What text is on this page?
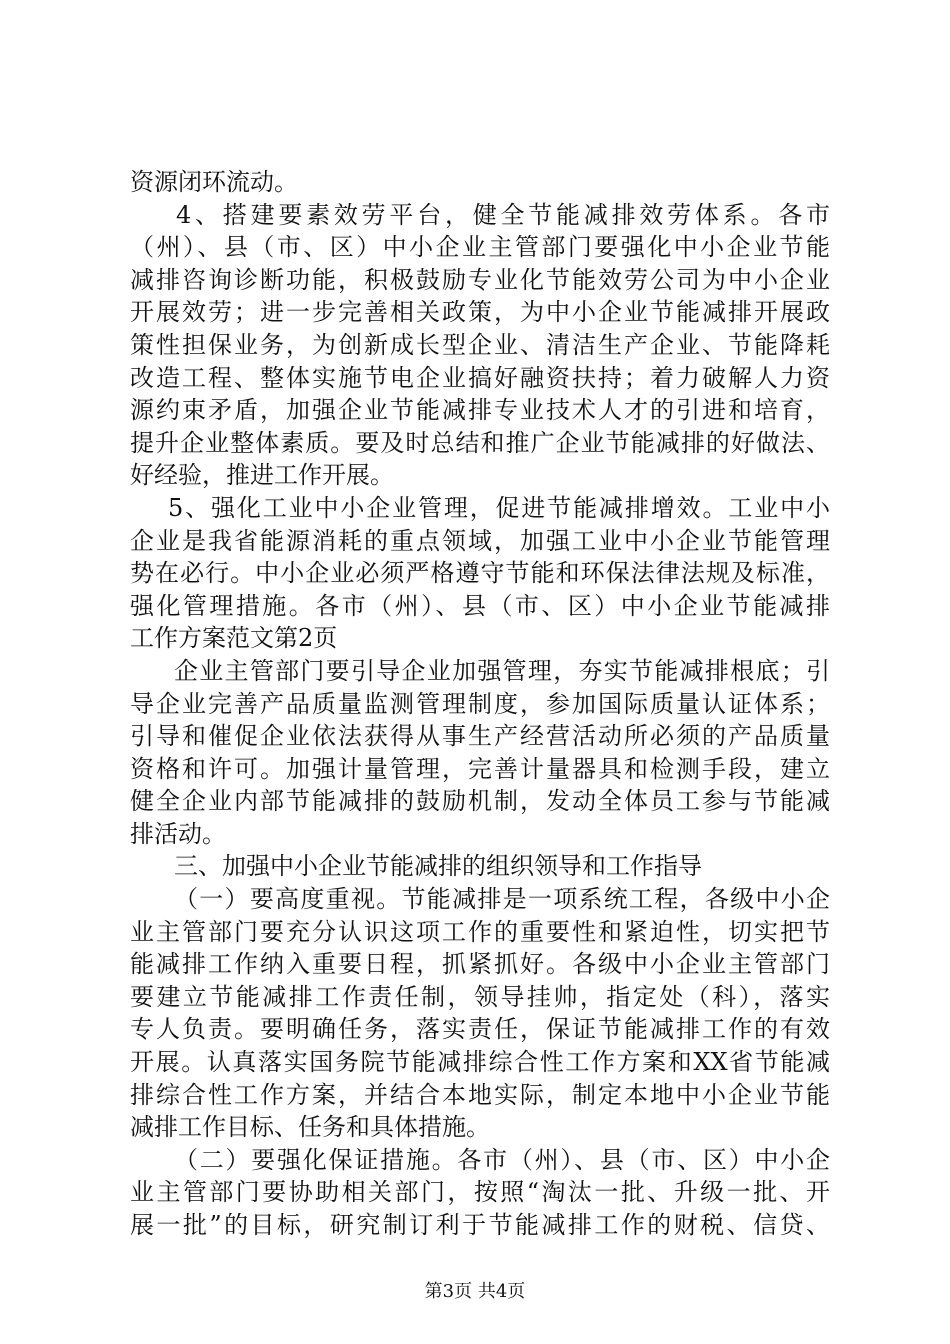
资源闭环流动。
4、搭建要素效劳平台，健全节能减排效劳体系。各市
（州）、县（市、区）中小企业主管部门要强化中小企业节能
减排咨询诊断功能，积极鼓励专业化节能效劳公司为中小企业
开展效劳；进一步完善相关政策，为中小企业节能减排开展政
策性担保业务，为创新成长型企业、清洁生产企业、节能降耗
改造工程、整体实施节电企业搞好融资扶持；着力破解人力资
源约束矛盾，加强企业节能减排专业技术人才的引进和培育，
提升企业整体素质。要及时总结和推广企业节能减排的好做法、
好经验，推进工作开展。
5、强化工业中小企业管理，促进节能减排增效。工业中小
企业是我省能源消耗的重点领域，加强工业中小企业节能管理
势在必行。中小企业必须严格遵守节能和环保法律法规及标准，
强化管理措施。各市（州）、县（市、区）中小企业节能减排
工作方案范文第2页
企业主管部门要引导企业加强管理，夯实节能减排根底；引
导企业完善产品质量监测管理制度，参加国际质量认证体系；
引导和催促企业依法获得从事生产经营活动所必须的产品质量
资格和许可。加强计量管理，完善计量器具和检测手段，建立
健全企业内部节能减排的鼓励机制，发动全体员工参与节能减
排活动。
三、加强中小企业节能减排的组织领导和工作指导
（一）要高度重视。节能减排是一项系统工程，各级中小企
业主管部门要充分认识这项工作的重要性和紧迫性，切实把节
能减排工作纳入重要日程，抓紧抓好。各级中小企业主管部门
要建立节能减排工作责任制，领导挂帅，指定处（科），落实
专人负责。要明确任务，落实责任，保证节能减排工作的有效
开展。认真落实国务院节能减排综合性工作方案和XX省节能减
排综合性工作方案，并结合本地实际，制定本地中小企业节能
减排工作目标、任务和具体措施。
（二）要强化保证措施。各市（州）、县（市、区）中小企
业主管部门要协助相关部门，按照“淘汰一批、升级一批、开
展一批”的目标，研究制订利于节能减排工作的财税、信贷、
第3页 共4页
